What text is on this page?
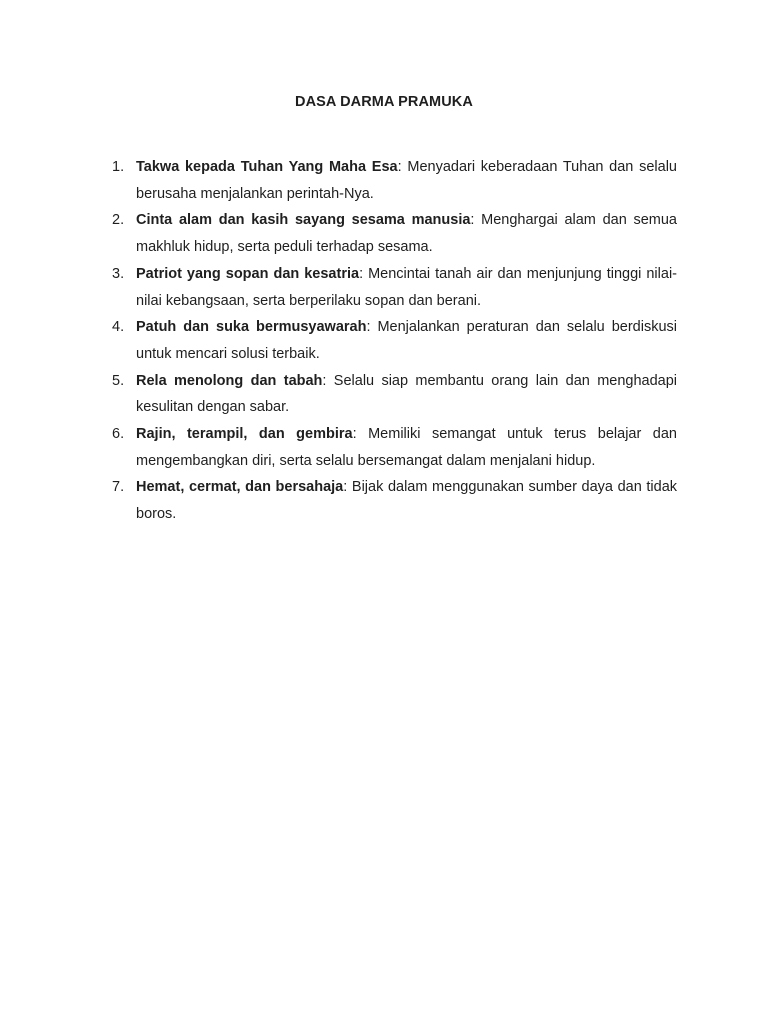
DASA DARMA PRAMUKA
1. Takwa kepada Tuhan Yang Maha Esa: Menyadari keberadaan Tuhan dan selalu berusaha menjalankan perintah-Nya.
2. Cinta alam dan kasih sayang sesama manusia: Menghargai alam dan semua makhluk hidup, serta peduli terhadap sesama.
3. Patriot yang sopan dan kesatria: Mencintai tanah air dan menjunjung tinggi nilai-nilai kebangsaan, serta berperilaku sopan dan berani.
4. Patuh dan suka bermusyawarah: Menjalankan peraturan dan selalu berdiskusi untuk mencari solusi terbaik.
5. Rela menolong dan tabah: Selalu siap membantu orang lain dan menghadapi kesulitan dengan sabar.
6. Rajin, terampil, dan gembira: Memiliki semangat untuk terus belajar dan mengembangkan diri, serta selalu bersemangat dalam menjalani hidup.
7. Hemat, cermat, dan bersahaja: Bijak dalam menggunakan sumber daya dan tidak boros.
